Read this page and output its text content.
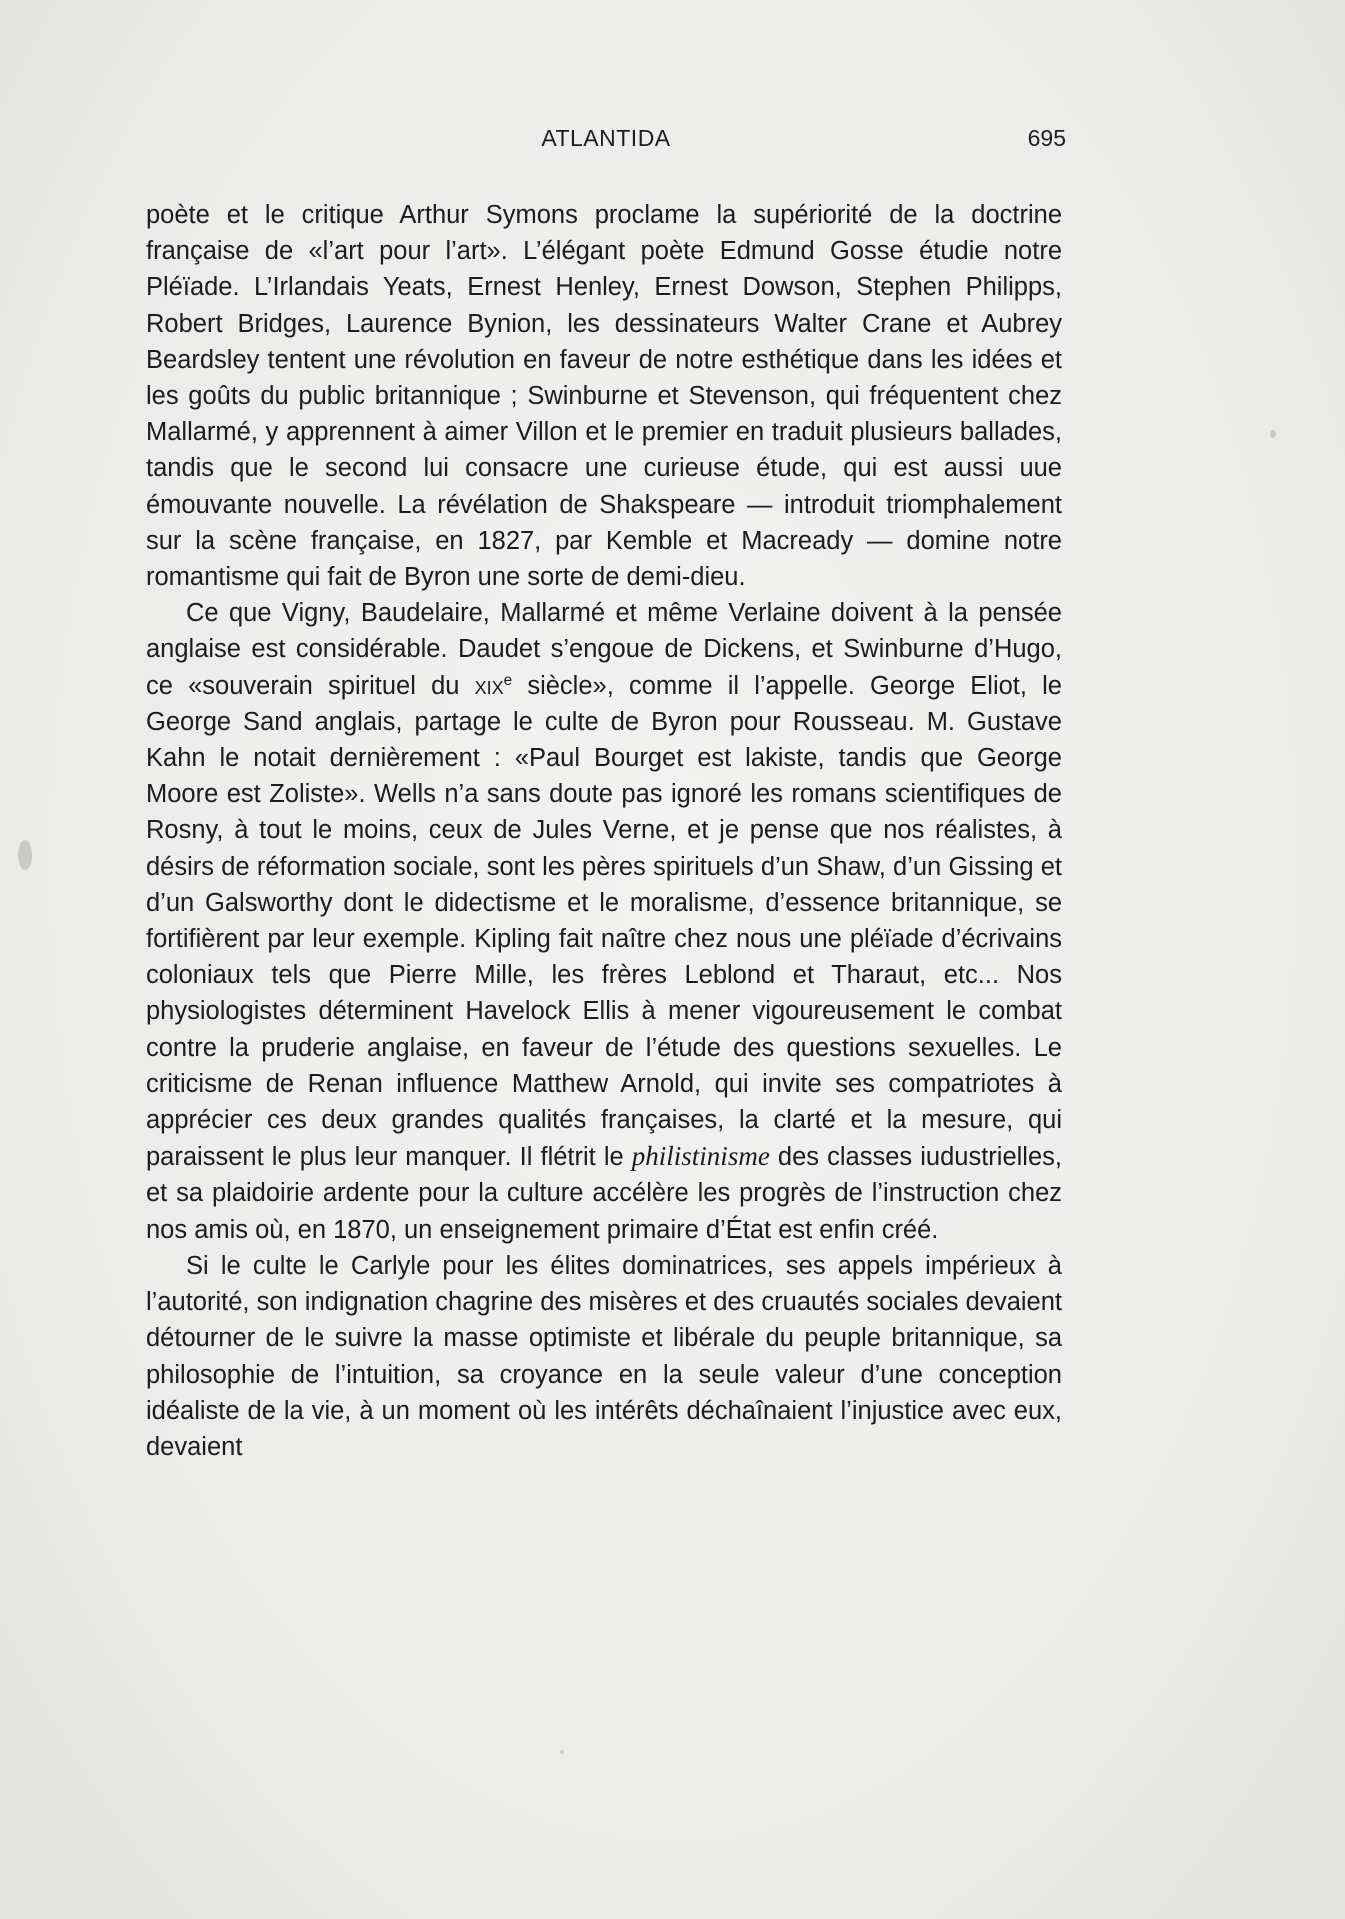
ATLANTIDA	695

poète et le critique Arthur Symons proclame la supériorité de la doctrine française de «l’art pour l’art». L’élégant poète Edmund Gosse étudie notre Pléïade. L’Irlandais Yeats, Ernest Henley, Ernest Dowson, Stephen Philipps, Robert Bridges, Laurence Bynion, les dessinateurs Walter Crane et Aubrey Beardsley tentent une révolution en faveur de notre esthétique dans les idées et les goûts du public britannique ; Swinburne et Stevenson, qui fréquentent chez Mallarmé, y apprennent à aimer Villon et le premier en traduit plusieurs ballades, tandis que le second lui consacre une curieuse étude, qui est aussi uue émouvante nouvelle. La révélation de Shakspeare — introduit triomphalement sur la scène française, en 1827, par Kemble et Macready — domine notre romantisme qui fait de Byron une sorte de demi-dieu.

Ce que Vigny, Baudelaire, Mallarmé et même Verlaine doivent à la pensée anglaise est considérable. Daudet s’engoue de Dickens, et Swinburne d’Hugo, ce «souverain spirituel du xix$^e$ siècle», comme il l’appelle. George Eliot, le George Sand anglais, partage le culte de Byron pour Rousseau. M. Gustave Kahn le notait dernièrement : «Paul Bourget est lakiste, tandis que George Moore est Zoliste». Wells n’a sans doute pas ignoré les romans scientifiques de Rosny, à tout le moins, ceux de Jules Verne, et je pense que nos réalistes, à désirs de réformation sociale, sont les pères spirituels d’un Shaw, d’un Gissing et d’un Galsworthy dont le didectisme et le moralisme, d’essence britannique, se fortifièrent par leur exemple. Kipling fait naître chez nous une pléïade d’écrivains coloniaux tels que Pierre Mille, les frères Leblond et Tharaut, etc... Nos physiologistes déterminent Havelock Ellis à mener vigoureusement le combat contre la pruderie anglaise, en faveur de l’étude des questions sexuelles. Le criticisme de Renan influence Matthew Arnold, qui invite ses compatriotes à apprécier ces deux grandes qualités françaises, la clarté et la mesure, qui paraissent le plus leur manquer. Il flétrit le philistinisme des classes iudustrielles, et sa plaidoirie ardente pour la culture accélère les progrès de l’instruction chez nos amis où, en 1870, un enseignement primaire d’État est enfin créé.

Si le culte le Carlyle pour les élites dominatrices, ses appels impérieux à l’autorité, son indignation chagrine des misères et des cruautés sociales devaient détourner de le suivre la masse optimiste et libérale du peuple britannique, sa philosophie de l’intuition, sa croyance en la seule valeur d’une conception idéaliste de la vie, à un moment où les intérêts déchaînaient l’injustice avec eux, devaient
